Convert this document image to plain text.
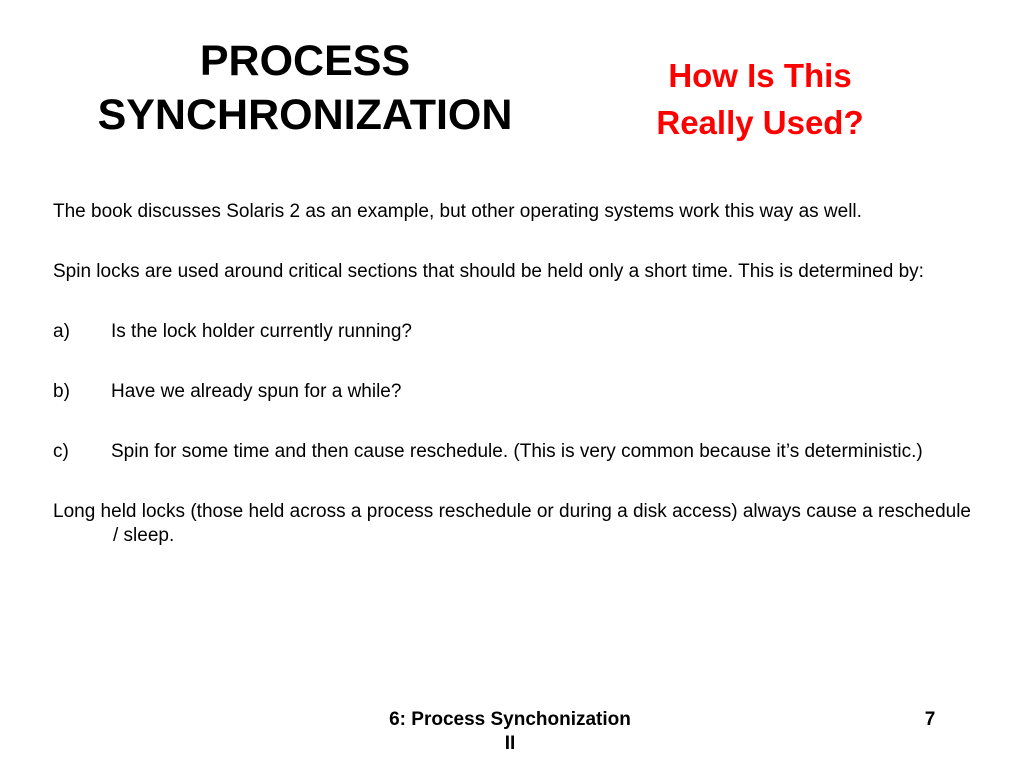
PROCESS
SYNCHRONIZATION
How Is This
Really Used?

The book discusses Solaris 2 as an example, but other operating systems work this way as well.

Spin locks are used around critical sections that should be held only a short time. This is determined by:

a)	Is the lock holder currently running?
b)	Have we already spun for a while?
c)	Spin for some time and then cause reschedule. (This is very common because it’s deterministic.)

Long held locks (those held across a process reschedule or during a disk access) always cause a reschedule / sleep.

6: Process Synchonization
II
7
